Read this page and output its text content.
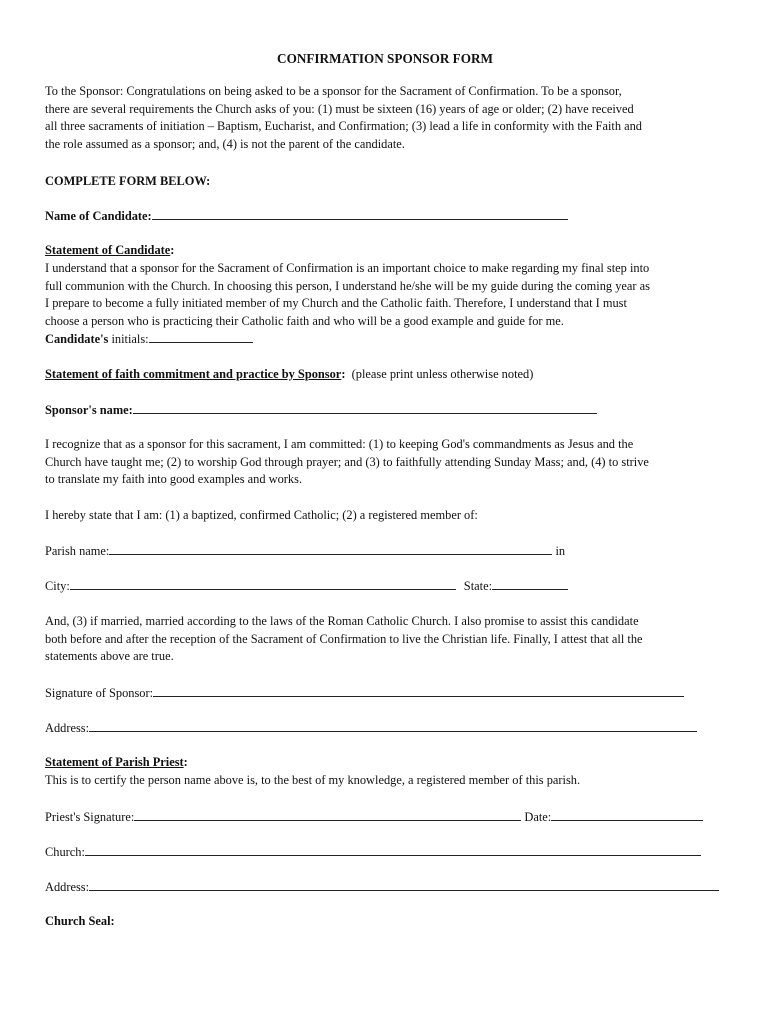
CONFIRMATION SPONSOR FORM
To the Sponsor: Congratulations on being asked to be a sponsor for the Sacrament of Confirmation. To be a sponsor,
there are several requirements the Church asks of you: (1) must be sixteen (16) years of age or older; (2) have received
all three sacraments of initiation – Baptism, Eucharist, and Confirmation; (3) lead a life in conformity with the Faith and
the role assumed as a sponsor; and, (4) is not the parent of the candidate.
COMPLETE FORM BELOW:
Name of Candidate:
Statement of Candidate:
I understand that a sponsor for the Sacrament of Confirmation is an important choice to make regarding my final step into
full communion with the Church. In choosing this person, I understand he/she will be my guide during the coming year as
I prepare to become a fully initiated member of my Church and the Catholic faith. Therefore, I understand that I must
choose a person who is practicing their Catholic faith and who will be a good example and guide for me.
Candidate's initials:
Statement of faith commitment and practice by Sponsor:  (please print unless otherwise noted)
Sponsor's name:
I recognize that as a sponsor for this sacrament, I am committed: (1) to keeping God's commandments as Jesus and the
Church have taught me; (2) to worship God through prayer; and (3) to faithfully attending Sunday Mass; and, (4) to strive
to translate my faith into good examples and works.
I hereby state that I am: (1) a baptized, confirmed Catholic; (2) a registered member of:
Parish name:	in
City:	State:
And, (3) if married, married according to the laws of the Roman Catholic Church. I also promise to assist this candidate
both before and after the reception of the Sacrament of Confirmation to live the Christian life. Finally, I attest that all the
statements above are true.
Signature of Sponsor:
Address:
Statement of Parish Priest:
This is to certify the person name above is, to the best of my knowledge, a registered member of this parish.
Priest's Signature:	Date:
Church:
Address:
Church Seal:
